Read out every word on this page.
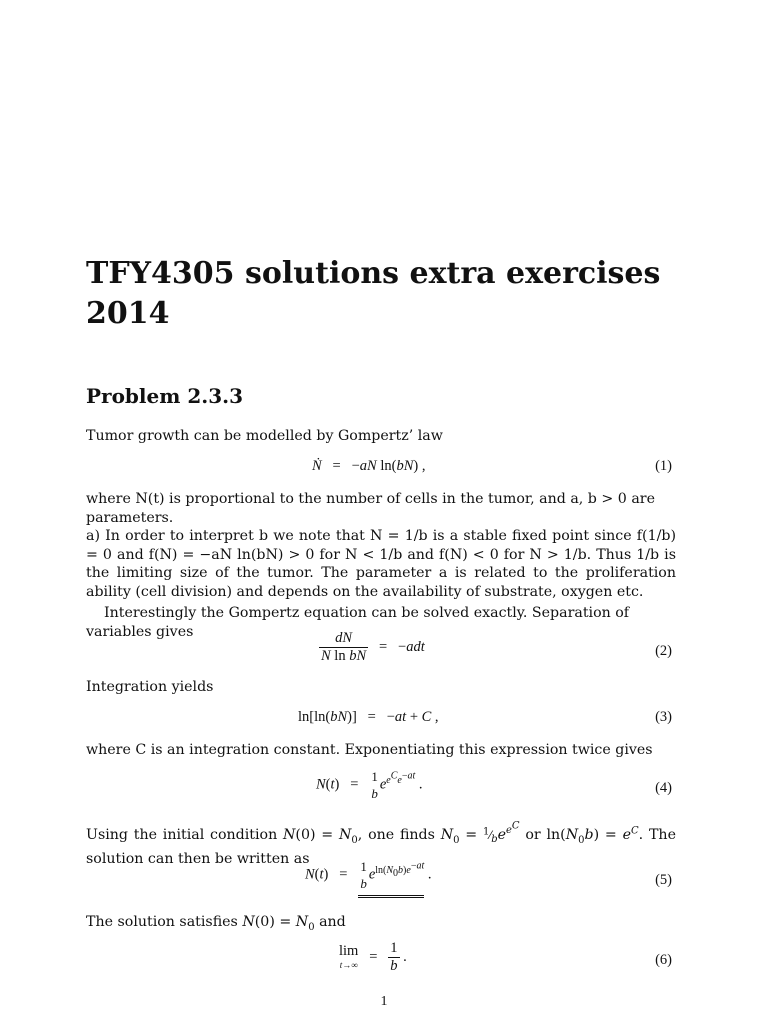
TFY4305 solutions extra exercises 2014
Problem 2.3.3
Tumor growth can be modelled by Gompertz’ law
Ṅ   =   −aN ln(bN) ,	(1)
where N(t) is proportional to the number of cells in the tumor, and a, b > 0 are parameters.
a) In order to interpret b we note that N = 1/b is a stable fixed point since f(1/b) = 0 and f(N) = −aN ln(bN) > 0 for N < 1/b and f(N) < 0 for N > 1/b. Thus 1/b is the limiting size of the tumor. The parameter a is related to the proliferation ability (cell division) and depends on the availability of substrate, oxygen etc.
Interestingly the Gompertz equation can be solved exactly. Separation of variables gives	$\frac{dN}{\text{N ln bN}} = -adt$	(2)
Integration yields
ln[ln(bN)]   =   −at + C ,	(3)
where C is an integration constant. Exponentiating this expression twice gives
N(t)   = 1
b
$e^{e^Ce^{-at}}$ .	(4)
Using the initial condition $N(0) = N_0$, one finds $N_0$ = $^1⁄_be^{e^C}$ or $\ln(N_0b) = e^C$. The solution can then be written as
N(t)   = 1
b
$e^{ln(N_0b)e^{-at}}$ .	(5)
The solution satisfies $N(0) = N_0$ and
lim
$t\to\infty = \frac{1}{b}$ .	(6)
1
